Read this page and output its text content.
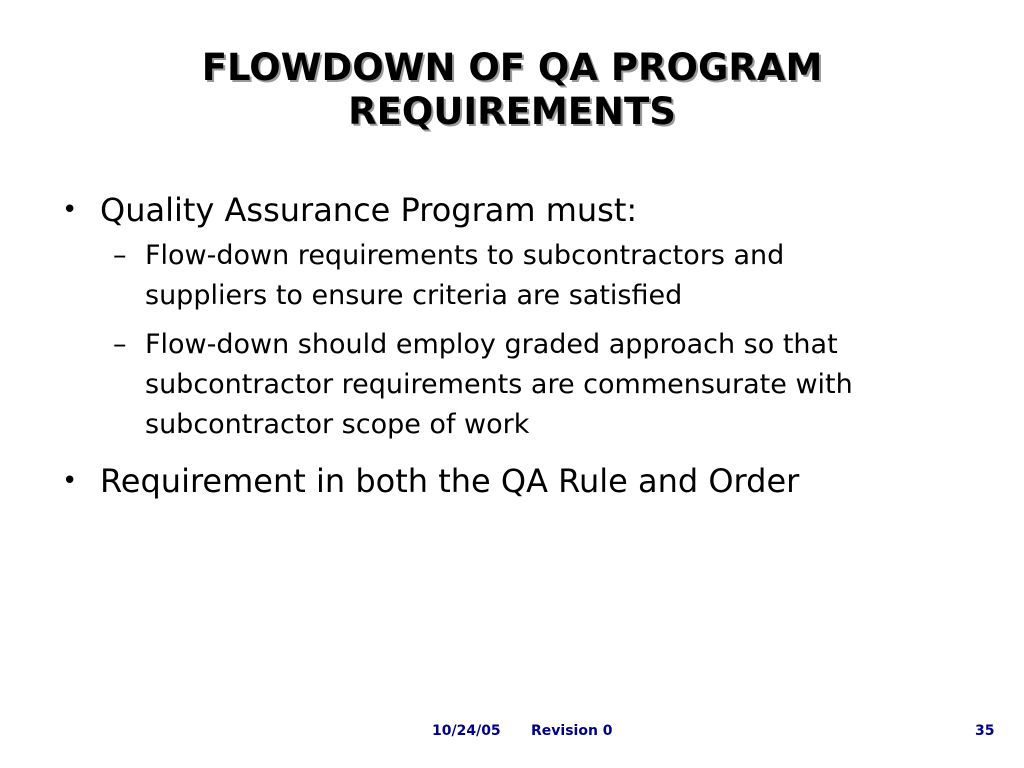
FLOWDOWN OF QA PROGRAM
REQUIREMENTS
• Quality Assurance Program must:
– Flow-down requirements to subcontractors and
suppliers to ensure criteria are satisfied
– Flow-down should employ graded approach so that
subcontractor requirements are commensurate with
subcontractor scope of work
• Requirement in both the QA Rule and Order
10/24/05 Revision 0	35
